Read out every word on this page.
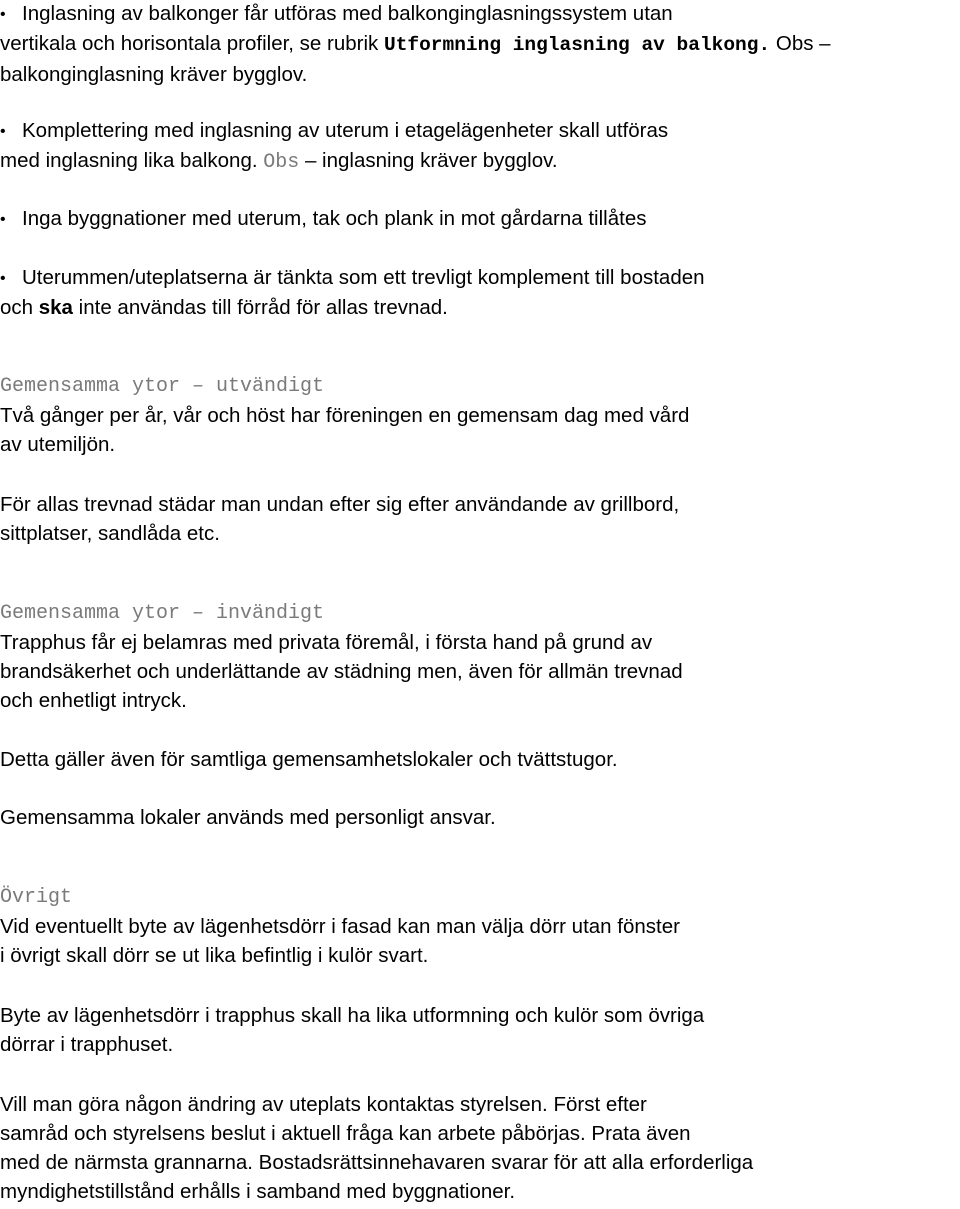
• Inglasning av balkonger får utföras med balkonginglasningssystem utan
vertikala och horisontala profiler, se rubrik Utformning inglasning av balkong. Obs –
balkonginglasning kräver bygglov.

• Komplettering med inglasning av uterum i etagelägenheter skall utföras
med inglasning lika balkong. Obs – inglasning kräver bygglov.

• Inga byggnationer med uterum, tak och plank in mot gårdarna tillåtes

• Uterummen/uteplatserna är tänkta som ett trevligt komplement till bostaden
och ska inte användas till förråd för allas trevnad.

Gemensamma ytor – utvändigt
Två gånger per år, vår och höst har föreningen en gemensam dag med vård
av utemiljön.

För allas trevnad städar man undan efter sig efter användande av grillbord,
sittplatser, sandlåda etc.

Gemensamma ytor – invändigt
Trapphus får ej belamras med privata föremål, i första hand på grund av
brandsäkerhet och underlättande av städning men, även för allmän trevnad
och enhetligt intryck.

Detta gäller även för samtliga gemensamhetslokaler och tvättstugor.

Gemensamma lokaler används med personligt ansvar.

Övrigt
Vid eventuellt byte av lägenhetsdörr i fasad kan man välja dörr utan fönster
i övrigt skall dörr se ut lika befintlig i kulör svart.

Byte av lägenhetsdörr i trapphus skall ha lika utformning och kulör som övriga
dörrar i trapphuset.

Vill man göra någon ändring av uteplats kontaktas styrelsen. Först efter
samråd och styrelsens beslut i aktuell fråga kan arbete påbörjas. Prata även
med de närmsta grannarna. Bostadsrättsinnehavaren svarar för att alla erforderliga
myndighetstillstånd erhålls i samband med byggnationer.
